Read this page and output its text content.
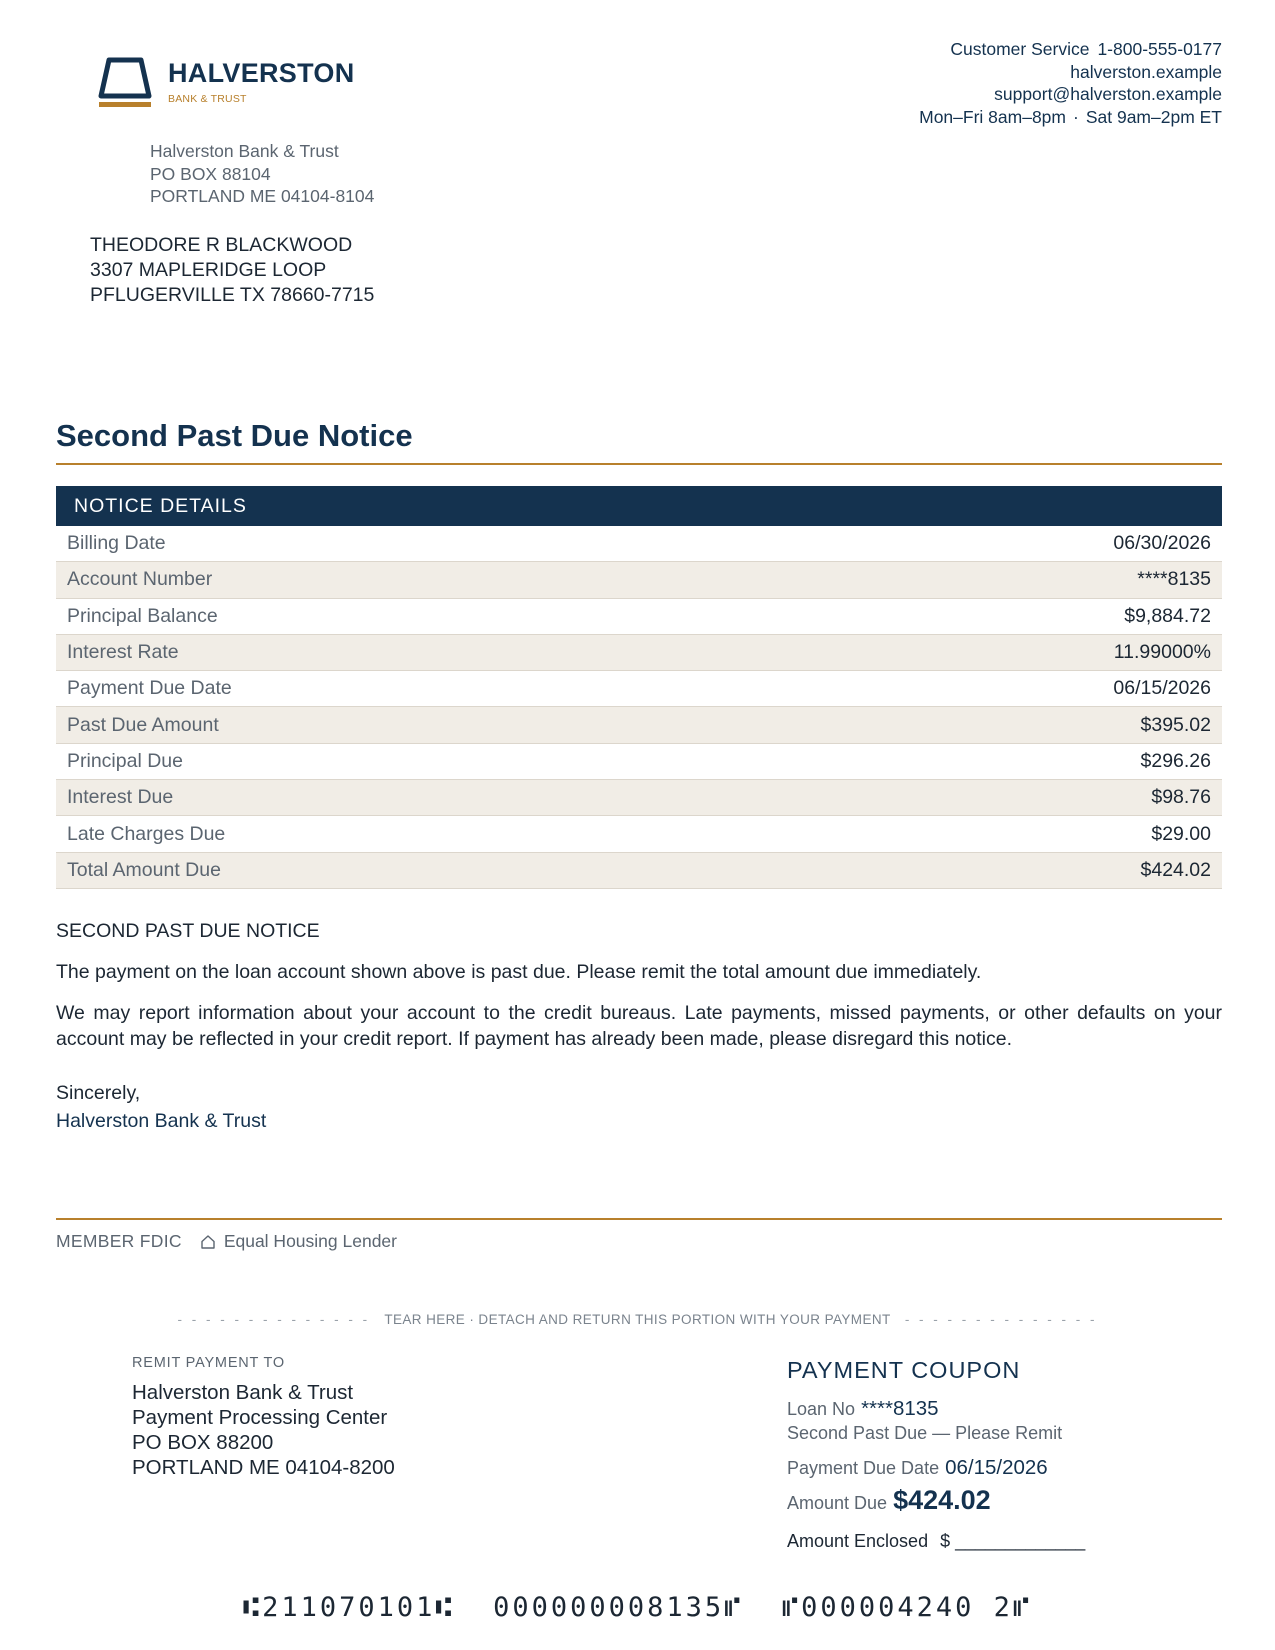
HALVERSTON
BANK & TRUST
Customer Service 1-800-555-0177
halverston.example
support@halverston.example
Mon–Fri 8am–8pm · Sat 9am–2pm ET
Halverston Bank & Trust
PO BOX 88104
PORTLAND ME 04104-8104
THEODORE R BLACKWOOD
3307 MAPLERIDGE LOOP
PFLUGERVILLE TX 78660-7715
Second Past Due Notice
NOTICE DETAILS
Billing Date	06/30/2026
Account Number	****8135
Principal Balance	$9,884.72
Interest Rate	11.99000%
Payment Due Date	06/15/2026
Past Due Amount	$395.02
Principal Due	$296.26
Interest Due	$98.76
Late Charges Due	$29.00
Total Amount Due	$424.02
SECOND PAST DUE NOTICE

The payment on the loan account shown above is past due. Please remit the total amount due immediately.

We may report information about your account to the credit bureaus. Late payments, missed payments, or other defaults on your account may be reflected in your credit report. If payment has already been made, please disregard this notice.

Sincerely,
Halverston Bank & Trust
MEMBER FDIC Equal Housing Lender
- - - - - - - - - - - - - - TEAR HERE · DETACH AND RETURN THIS PORTION WITH YOUR PAYMENT - - - - - - - - - - - - - -
REMIT PAYMENT TO
Halverston Bank & Trust
Payment Processing Center
PO BOX 88200
PORTLAND ME 04104-8200
PAYMENT COUPON
Loan No ****8135
Second Past Due — Please Remit
Payment Due Date 06/15/2026
Amount Due $424.02
Amount Enclosed $ _____________
⑆211070101⑆  000000008135⑈  ⑈000004240 2⑈
